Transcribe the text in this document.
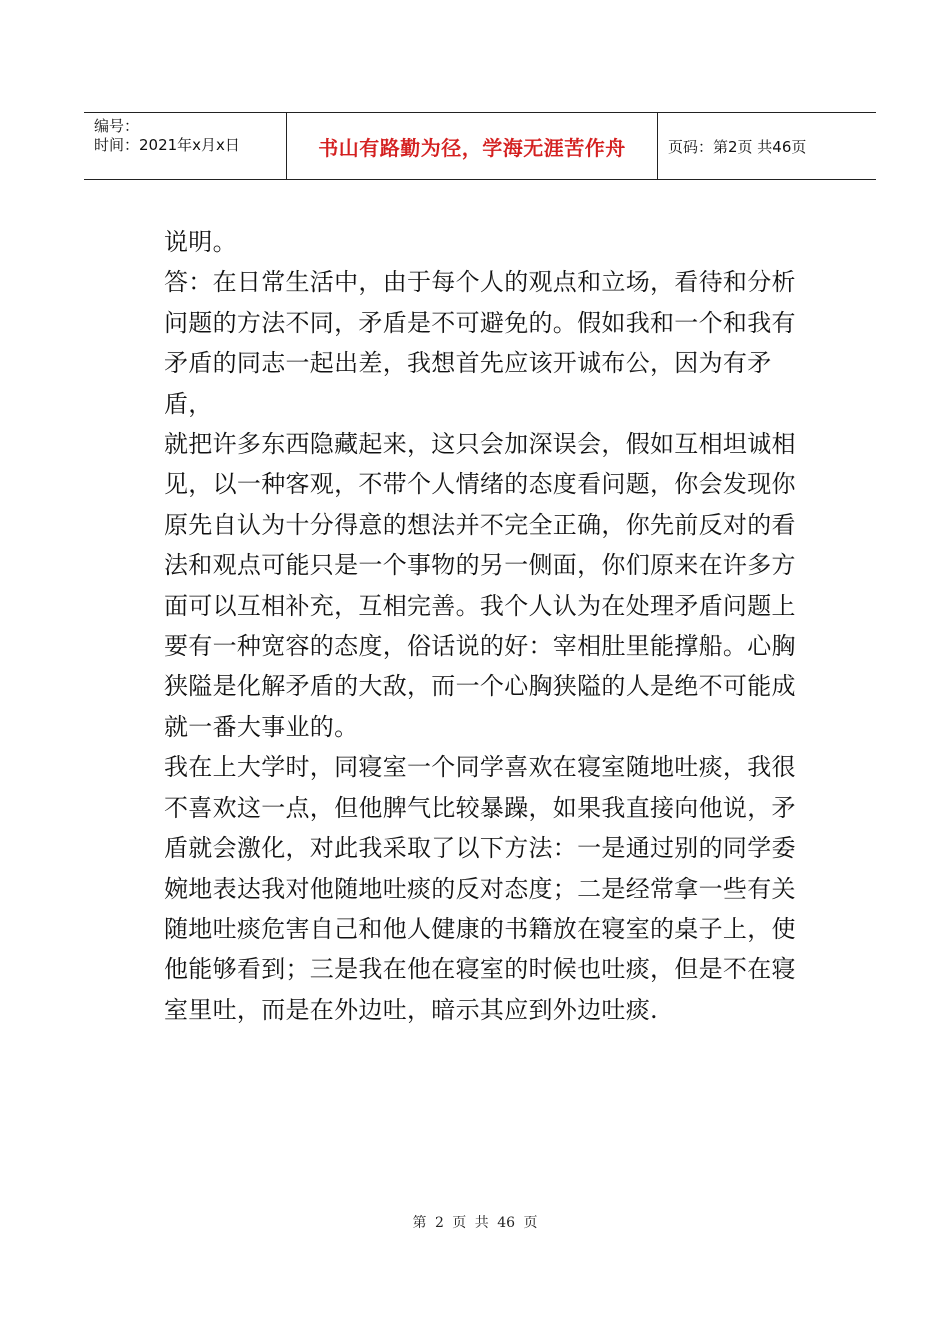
编号：
时间：2021年x月x日	书山有路勤为径，学海无涯苦作舟	页码：第2页 共46页

说明。

答：在日常生活中，由于每个人的观点和立场，看待和分析
问题的方法不同，矛盾是不可避免的。假如我和一个和我有
矛盾的同志一起出差，我想首先应该开诚布公，因为有矛盾，
就把许多东西隐藏起来，这只会加深误会，假如互相坦诚相
见，以一种客观，不带个人情绪的态度看问题，你会发现你
原先自认为十分得意的想法并不完全正确，你先前反对的看
法和观点可能只是一个事物的另一侧面，你们原来在许多方
面可以互相补充，互相完善。我个人认为在处理矛盾问题上
要有一种宽容的态度，俗话说的好：宰相肚里能撑船。心胸
狭隘是化解矛盾的大敌，而一个心胸狭隘的人是绝不可能成
就一番大事业的。

我在上大学时，同寝室一个同学喜欢在寝室随地吐痰，我很
不喜欢这一点，但他脾气比较暴躁，如果我直接向他说，矛
盾就会激化，对此我采取了以下方法：一是通过别的同学委
婉地表达我对他随地吐痰的反对态度；二是经常拿一些有关
随地吐痰危害自己和他人健康的书籍放在寝室的桌子上，使
他能够看到；三是我在他在寝室的时候也吐痰，但是不在寝
室里吐，而是在外边吐，暗示其应到外边吐痰.

第 2 页 共 46 页
